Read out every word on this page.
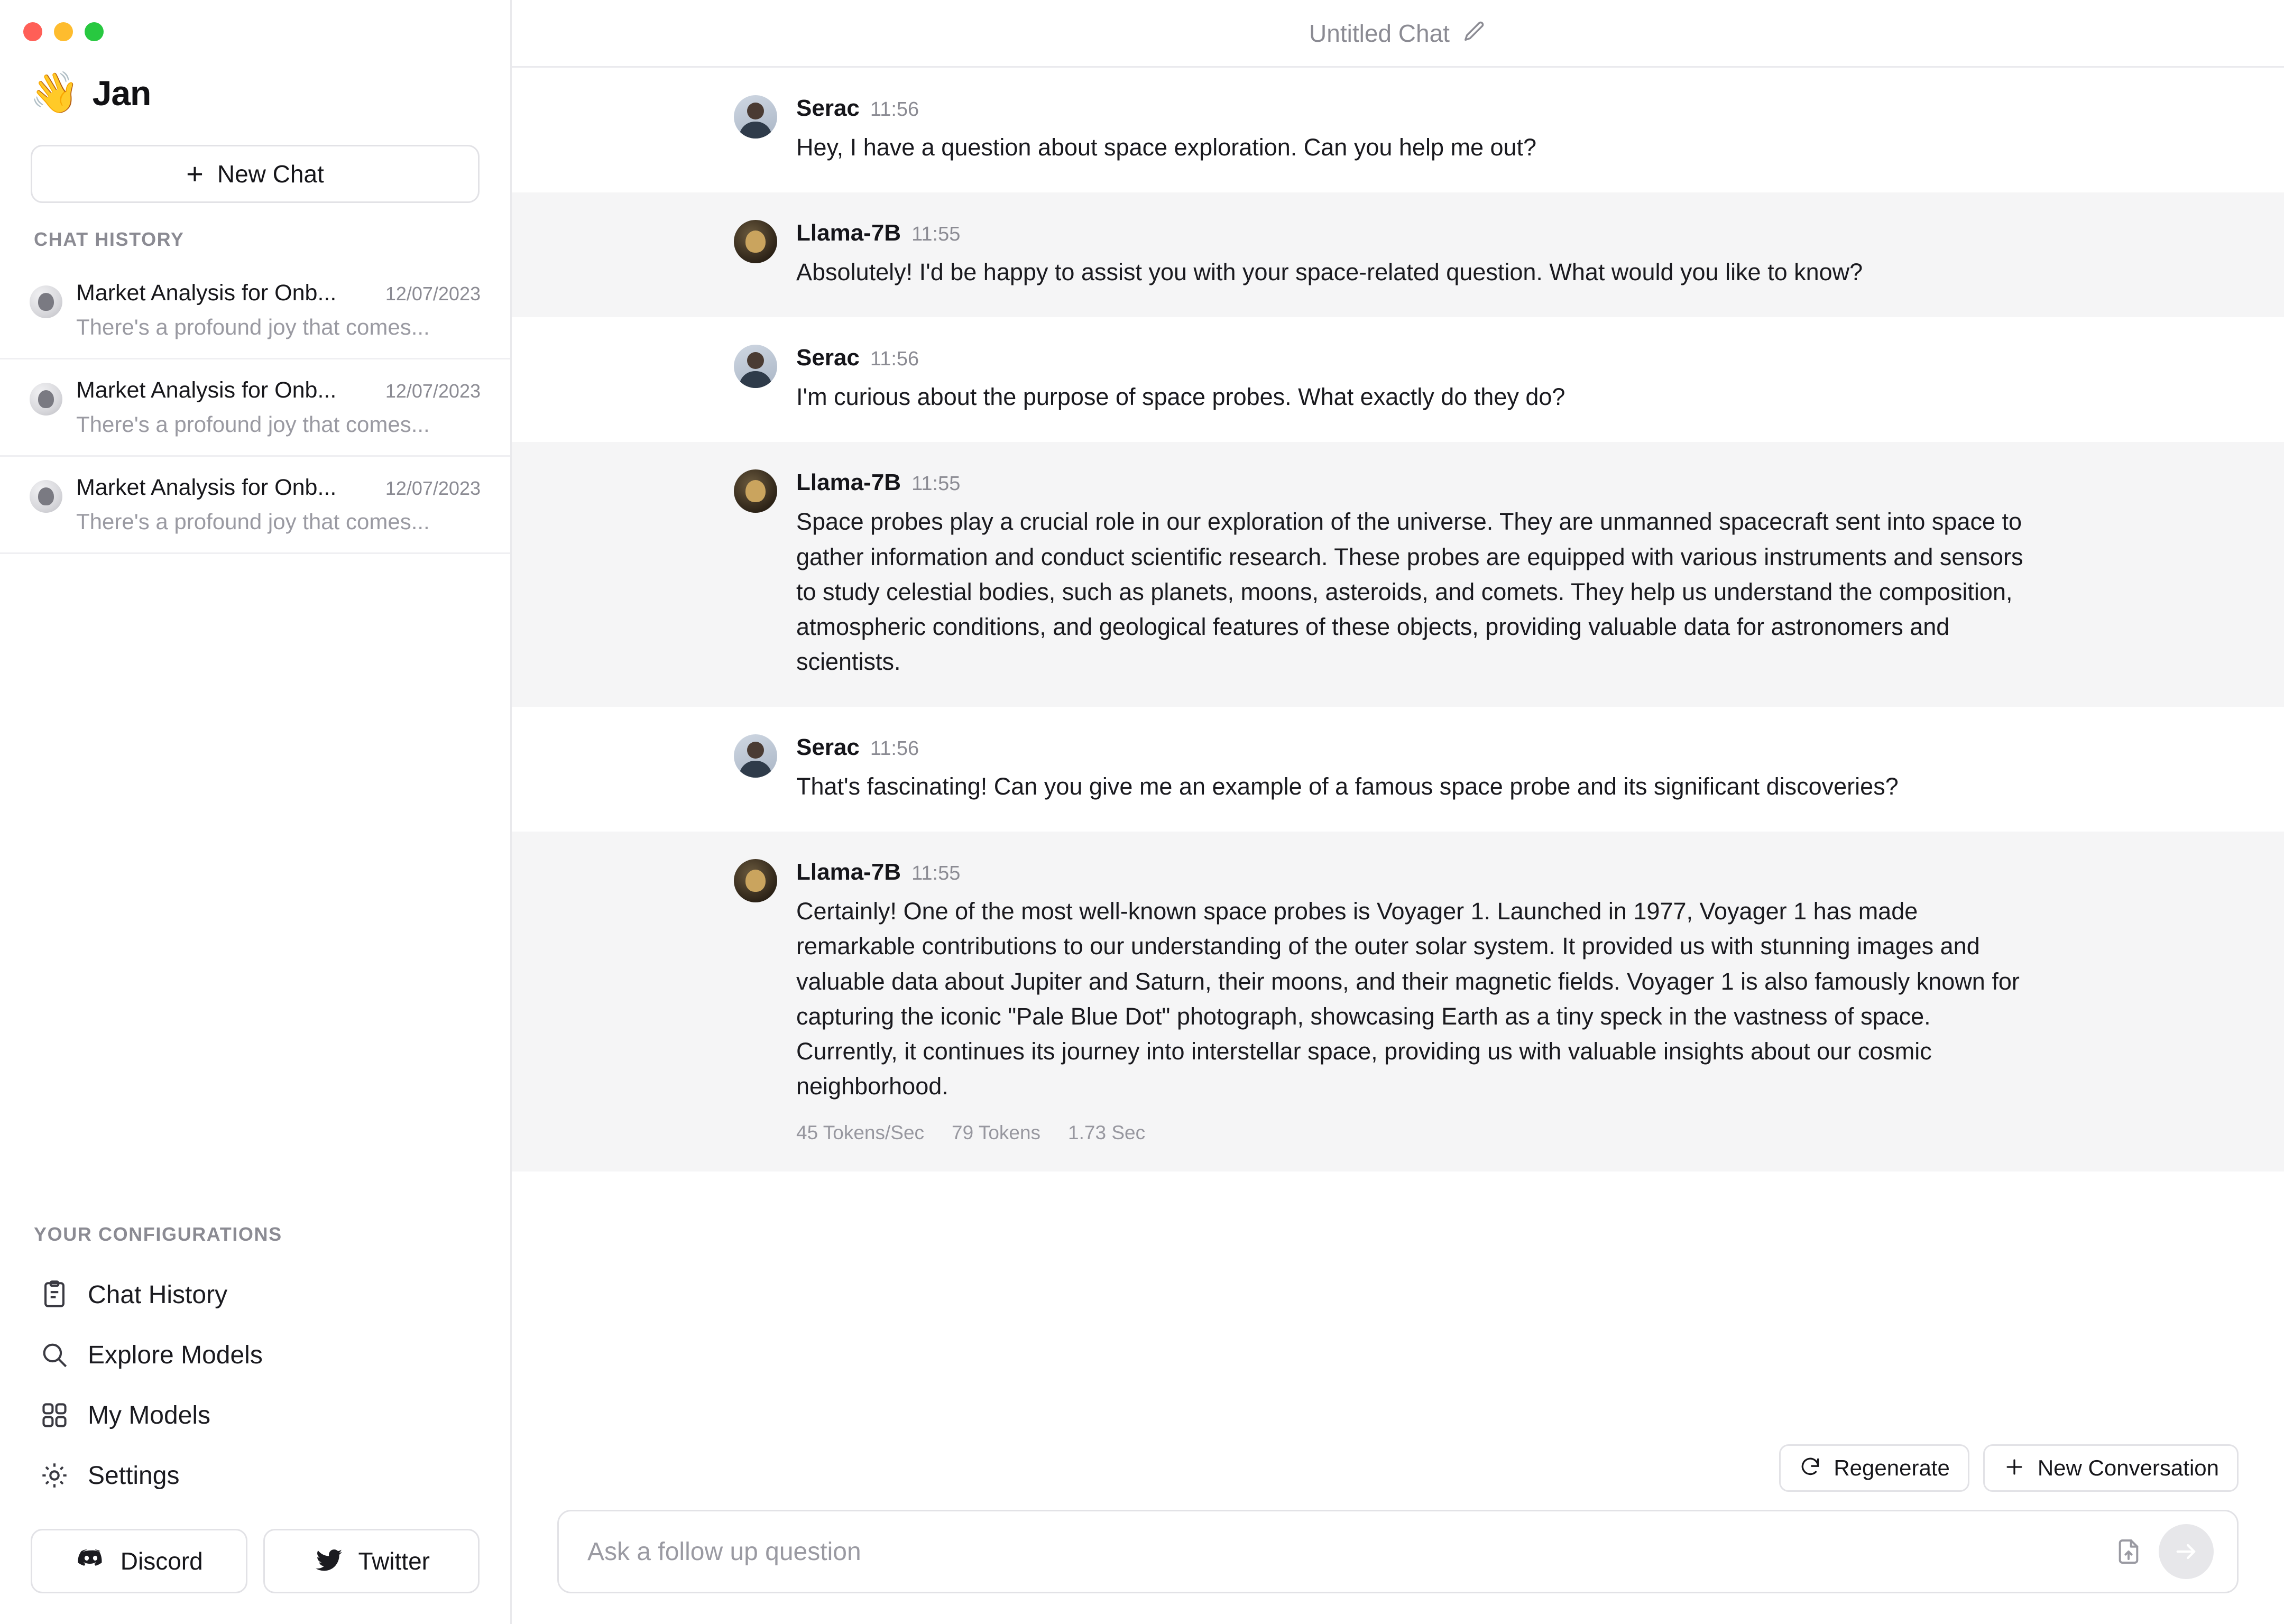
👋 Jan
+ New Chat
CHAT HISTORY
Market Analysis for Onb...	12/07/2023
There's a profound joy that comes...
Market Analysis for Onb...	12/07/2023
There's a profound joy that comes...
Market Analysis for Onb...	12/07/2023
There's a profound joy that comes...
YOUR CONFIGURATIONS
Chat History
Explore Models
My Models
Settings
Discord	Twitter
Untitled Chat
Serac 11:56
Hey, I have a question about space exploration. Can you help me out?
Llama-7B 11:55
Absolutely! I'd be happy to assist you with your space-related question. What would you like to know?
Serac 11:56
I'm curious about the purpose of space probes. What exactly do they do?
Llama-7B 11:55
Space probes play a crucial role in our exploration of the universe. They are unmanned spacecraft sent into space to gather information and conduct scientific research. These probes are equipped with various instruments and sensors to study celestial bodies, such as planets, moons, asteroids, and comets. They help us understand the composition, atmospheric conditions, and geological features of these objects, providing valuable data for astronomers and scientists.
Serac 11:56
That's fascinating! Can you give me an example of a famous space probe and its significant discoveries?
Llama-7B 11:55
Certainly! One of the most well-known space probes is Voyager 1. Launched in 1977, Voyager 1 has made remarkable contributions to our understanding of the outer solar system. It provided us with stunning images and valuable data about Jupiter and Saturn, their moons, and their magnetic fields. Voyager 1 is also famously known for capturing the iconic "Pale Blue Dot" photograph, showcasing Earth as a tiny speck in the vastness of space. Currently, it continues its journey into interstellar space, providing us with valuable insights about our cosmic neighborhood.
45 Tokens/Sec 79 Tokens 1.73 Sec
Regenerate	New Conversation
Ask a follow up question
